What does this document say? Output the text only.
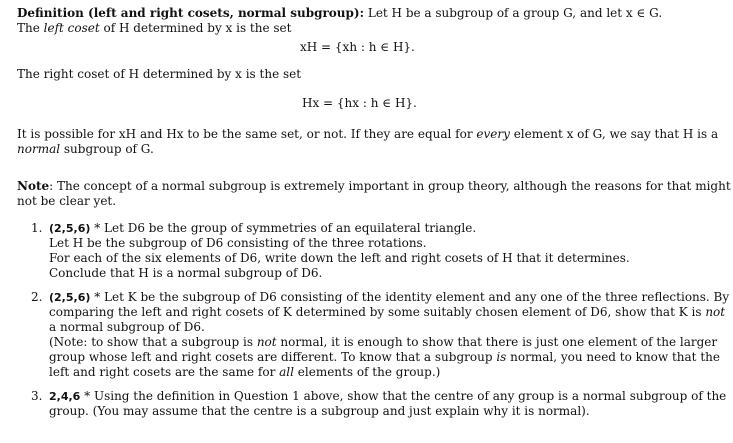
Definition (left and right cosets, normal subgroup): Let H be a subgroup of a group G, and let x ∈ G.
The left coset of H determined by x is the set
xH = {xh : h ∈ H}.
The right coset of H determined by x is the set
Hx = {hx : h ∈ H}.
It is possible for xH and Hx to be the same set, or not. If they are equal for every element x of G, we say that H is a
normal subgroup of G.
Note: The concept of a normal subgroup is extremely important in group theory, although the reasons for that might
not be clear yet.
1. (2,5,6) * Let D6 be the group of symmetries of an equilateral triangle.
Let H be the subgroup of D6 consisting of the three rotations.
For each of the six elements of D6, write down the left and right cosets of H that it determines.
Conclude that H is a normal subgroup of D6.
2. (2,5,6) * Let K be the subgroup of D6 consisting of the identity element and any one of the three reflections. By
comparing the left and right cosets of K determined by some suitably chosen element of D6, show that K is not
a normal subgroup of D6.
(Note: to show that a subgroup is not normal, it is enough to show that there is just one element of the larger
group whose left and right cosets are different. To know that a subgroup is normal, you need to know that the
left and right cosets are the same for all elements of the group.)
3. 2,4,6 * Using the definition in Question 1 above, show that the centre of any group is a normal subgroup of the
group. (You may assume that the centre is a subgroup and just explain why it is normal).
